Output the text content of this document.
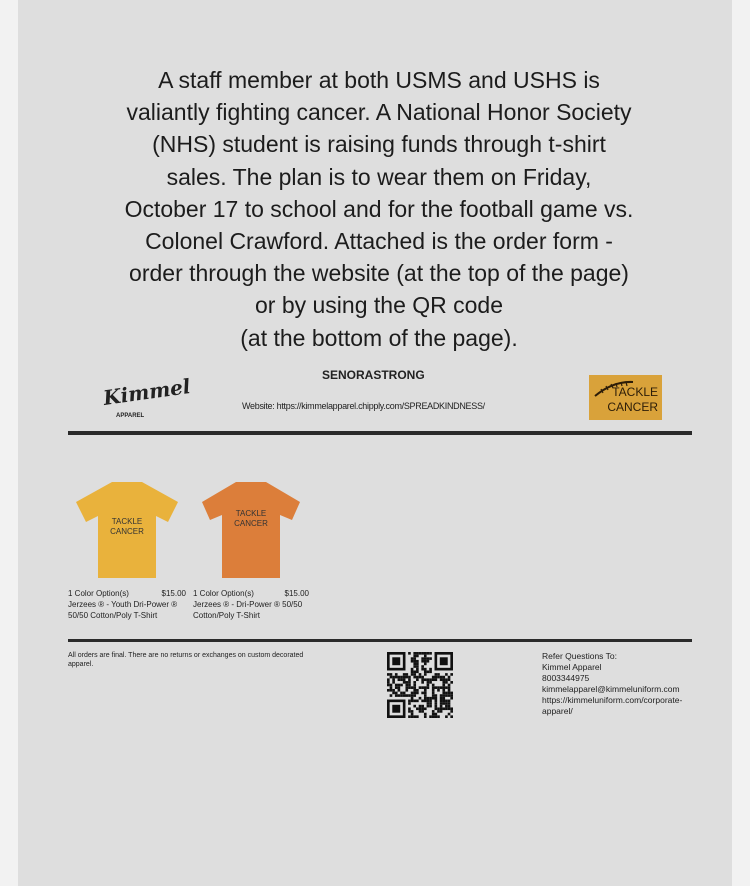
A staff member at both USMS and USHS is
valiantly fighting cancer. A National Honor Society
(NHS) student is raising funds through t-shirt
sales. The plan is to wear them on Friday,
October 17 to school and for the football game vs.
Colonel Crawford. Attached is the order form -
order through the website (at the top of the page)
or by using the QR code
(at the bottom of the page).
SENORASTRONG
Website: https://kimmelapparel.chipply.com/SPREADKINDNESS/
Kimmel
APPAREL
TACKLE
CANCER
TACKLE
CANCER
TACKLE
CANCER
1 Color Option(s)	$15.00
Jerzees ® - Youth Dri-Power ®
50/50 Cotton/Poly T-Shirt
1 Color Option(s)	$15.00
Jerzees ® - Dri-Power ® 50/50
Cotton/Poly T-Shirt
All orders are final. There are no returns or exchanges on custom decorated apparel.
Refer Questions To:
Kimmel Apparel
8003344975
kimmelapparel@kimmeluniform.com
https://kimmeluniform.com/corporate-
apparel/
